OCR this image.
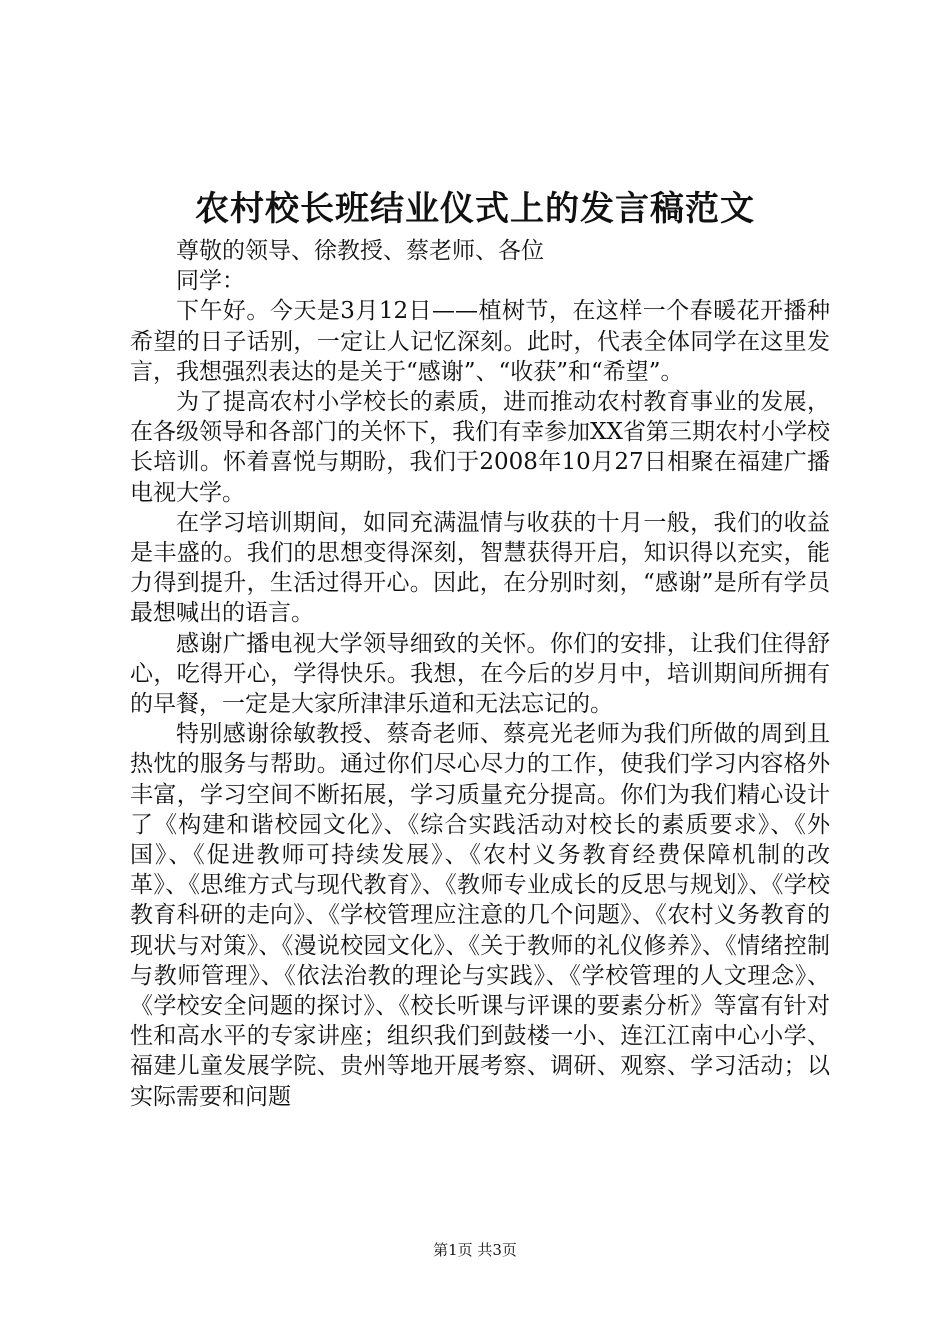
农村校长班结业仪式上的发言稿范文

尊敬的领导、徐教授、蔡老师、各位

同学：

下午好。今天是3月12日——植树节，在这样一个春暖花开播种希望的日子话别，一定让人记忆深刻。此时，代表全体同学在这里发言，我想强烈表达的是关于“感谢”、“收获”和“希望”。

为了提高农村小学校长的素质，进而推动农村教育事业的发展，在各级领导和各部门的关怀下，我们有幸参加XX省第三期农村小学校长培训。怀着喜悦与期盼，我们于2008年10月27日相聚在福建广播电视大学。

在学习培训期间，如同充满温情与收获的十月一般，我们的收益是丰盛的。我们的思想变得深刻，智慧获得开启，知识得以充实，能力得到提升，生活过得开心。因此，在分别时刻，“感谢”是所有学员最想喊出的语言。

感谢广播电视大学领导细致的关怀。你们的安排，让我们住得舒心，吃得开心，学得快乐。我想，在今后的岁月中，培训期间所拥有的早餐，一定是大家所津津乐道和无法忘记的。

特别感谢徐敏教授、蔡奇老师、蔡亮光老师为我们所做的周到且热忱的服务与帮助。通过你们尽心尽力的工作，使我们学习内容格外丰富，学习空间不断拓展，学习质量充分提高。你们为我们精心设计了《构建和谐校园文化》、《综合实践活动对校长的素质要求》、《外国》、《促进教师可持续发展》、《农村义务教育经费保障机制的改革》、《思维方式与现代教育》、《教师专业成长的反思与规划》、《学校教育科研的走向》、《学校管理应注意的几个问题》、《农村义务教育的现状与对策》、《漫说校园文化》、《关于教师的礼仪修养》、《情绪控制与教师管理》、《依法治教的理论与实践》、《学校管理的人文理念》、《学校安全问题的探讨》、《校长听课与评课的要素分析》等富有针对性和高水平的专家讲座；组织我们到鼓楼一小、连江江南中心小学、福建儿童发展学院、贵州等地开展考察、调研、观察、学习活动；以实际需要和问题

第1页 共3页
